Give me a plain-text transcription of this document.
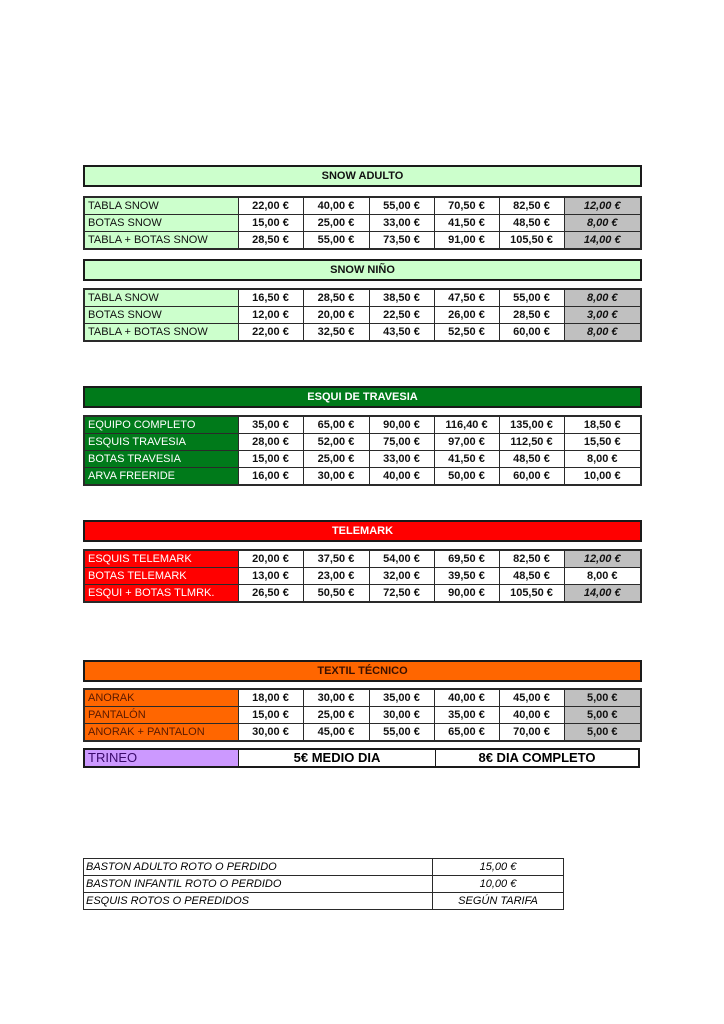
SNOW ADULTO
TABLA SNOW	22,00 €	40,00 €	55,00 €	70,50 €	82,50 €	12,00 €
BOTAS SNOW	15,00 €	25,00 €	33,00 €	41,50 €	48,50 €	8,00 €
TABLA + BOTAS SNOW	28,50 €	55,00 €	73,50 €	91,00 €	105,50 €	14,00 €
SNOW NIÑO
TABLA SNOW	16,50 €	28,50 €	38,50 €	47,50 €	55,00 €	8,00 €
BOTAS SNOW	12,00 €	20,00 €	22,50 €	26,00 €	28,50 €	3,00 €
TABLA + BOTAS SNOW	22,00 €	32,50 €	43,50 €	52,50 €	60,00 €	8,00 €
ESQUI DE TRAVESIA
EQUIPO COMPLETO	35,00 €	65,00 €	90,00 €	116,40 €	135,00 €	18,50 €
ESQUIS TRAVESIA	28,00 €	52,00 €	75,00 €	97,00 €	112,50 €	15,50 €
BOTAS TRAVESIA	15,00 €	25,00 €	33,00 €	41,50 €	48,50 €	8,00 €
ARVA FREERIDE	16,00 €	30,00 €	40,00 €	50,00 €	60,00 €	10,00 €
TELEMARK
ESQUIS TELEMARK	20,00 €	37,50 €	54,00 €	69,50 €	82,50 €	12,00 €
BOTAS TELEMARK	13,00 €	23,00 €	32,00 €	39,50 €	48,50 €	8,00 €
ESQUI + BOTAS TLMRK.	26,50 €	50,50 €	72,50 €	90,00 €	105,50 €	14,00 €
TEXTIL TÉCNICO
ANORAK	18,00 €	30,00 €	35,00 €	40,00 €	45,00 €	5,00 €
PANTALÓN	15,00 €	25,00 €	30,00 €	35,00 €	40,00 €	5,00 €
ANORAK + PANTALON	30,00 €	45,00 €	55,00 €	65,00 €	70,00 €	5,00 €
TRINEO	5€ MEDIO DIA	8€ DIA COMPLETO
BASTON ADULTO ROTO O PERDIDO	15,00 €
BASTON INFANTIL ROTO O PERDIDO	10,00 €
ESQUIS ROTOS O PEREDIDOS	SEGÚN TARIFA
